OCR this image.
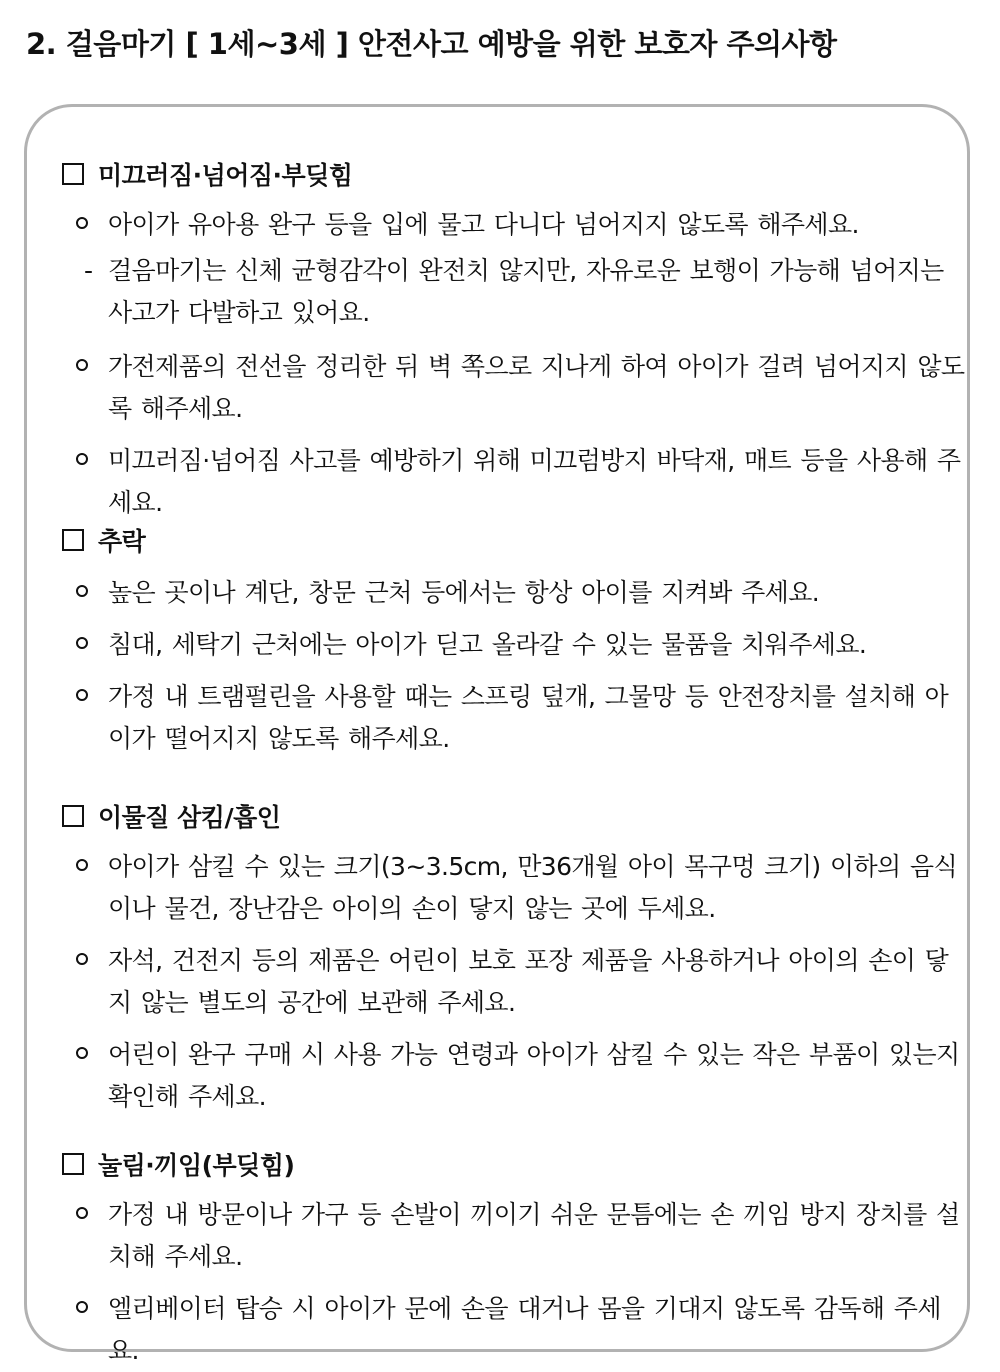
2. 걸음마기 [ 1세~3세 ] 안전사고 예방을 위한 보호자 주의사항
미끄러짐·넘어짐·부딪힘
아이가 유아용 완구 등을 입에 물고 다니다 넘어지지 않도록 해주세요.
- 걸음마기는 신체 균형감각이 완전치 않지만, 자유로운 보행이 가능해 넘어지는 사고가 다발하고 있어요.
가전제품의 전선을 정리한 뒤 벽 쪽으로 지나게 하여 아이가 걸려 넘어지지 않도록 해주세요.
미끄러짐·넘어짐 사고를 예방하기 위해 미끄럼방지 바닥재, 매트 등을 사용해 주세요.
추락
높은 곳이나 계단, 창문 근처 등에서는 항상 아이를 지켜봐 주세요.
침대, 세탁기 근처에는 아이가 딛고 올라갈 수 있는 물품을 치워주세요.
가정 내 트램펄린을 사용할 때는 스프링 덮개, 그물망 등 안전장치를 설치해 아이가 떨어지지 않도록 해주세요.
이물질 삼킴/흡인
아이가 삼킬 수 있는 크기(3~3.5cm, 만36개월 아이 목구멍 크기) 이하의 음식이나 물건, 장난감은 아이의 손이 닿지 않는 곳에 두세요.
자석, 건전지 등의 제품은 어린이 보호 포장 제품을 사용하거나 아이의 손이 닿지 않는 별도의 공간에 보관해 주세요.
어린이 완구 구매 시 사용 가능 연령과 아이가 삼킬 수 있는 작은 부품이 있는지 확인해 주세요.
눌림·끼임(부딪힘)
가정 내 방문이나 가구 등 손발이 끼이기 쉬운 문틈에는 손 끼임 방지 장치를 설치해 주세요.
엘리베이터 탑승 시 아이가 문에 손을 대거나 몸을 기대지 않도록 감독해 주세요.
